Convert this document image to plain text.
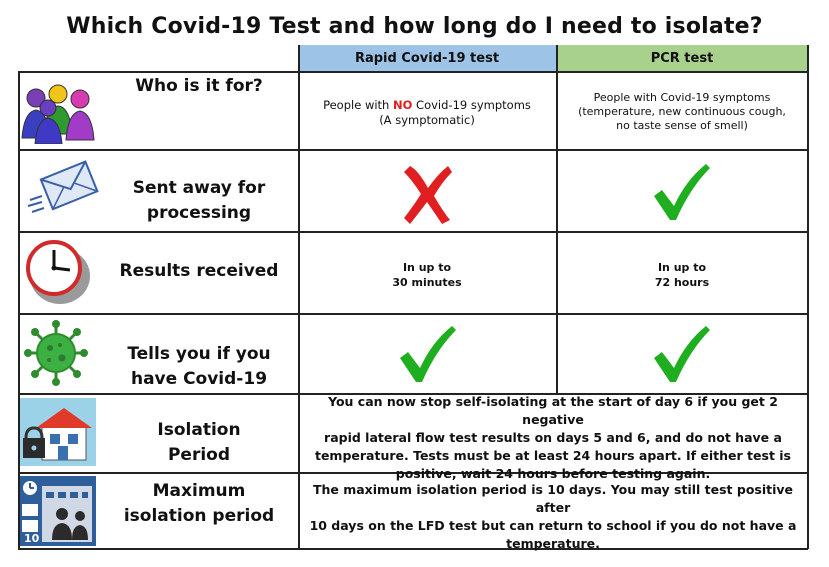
Which Covid-19 Test and how long do I need to isolate?
Rapid Covid-19 test	PCR test
Who is it for?
People with NO Covid-19 symptoms
(A symptomatic)
People with Covid-19 symptoms
(temperature, new continuous cough,
no taste sense of smell)
Sent away for
processing
Results received	In up to
30 minutes
In up to
72 hours
Tells you if you
have Covid-19
Isolation
Period
You can now stop self-isolating at the start of day 6 if you get 2 negative
rapid lateral flow test results on days 5 and 6, and do not have a
temperature. Tests must be at least 24 hours apart. If either test is
positive, wait 24 hours before testing again.
10
Maximum
isolation period
The maximum isolation period is 10 days. You may still test positive after
10 days on the LFD test but can return to school if you do not have a
temperature.
